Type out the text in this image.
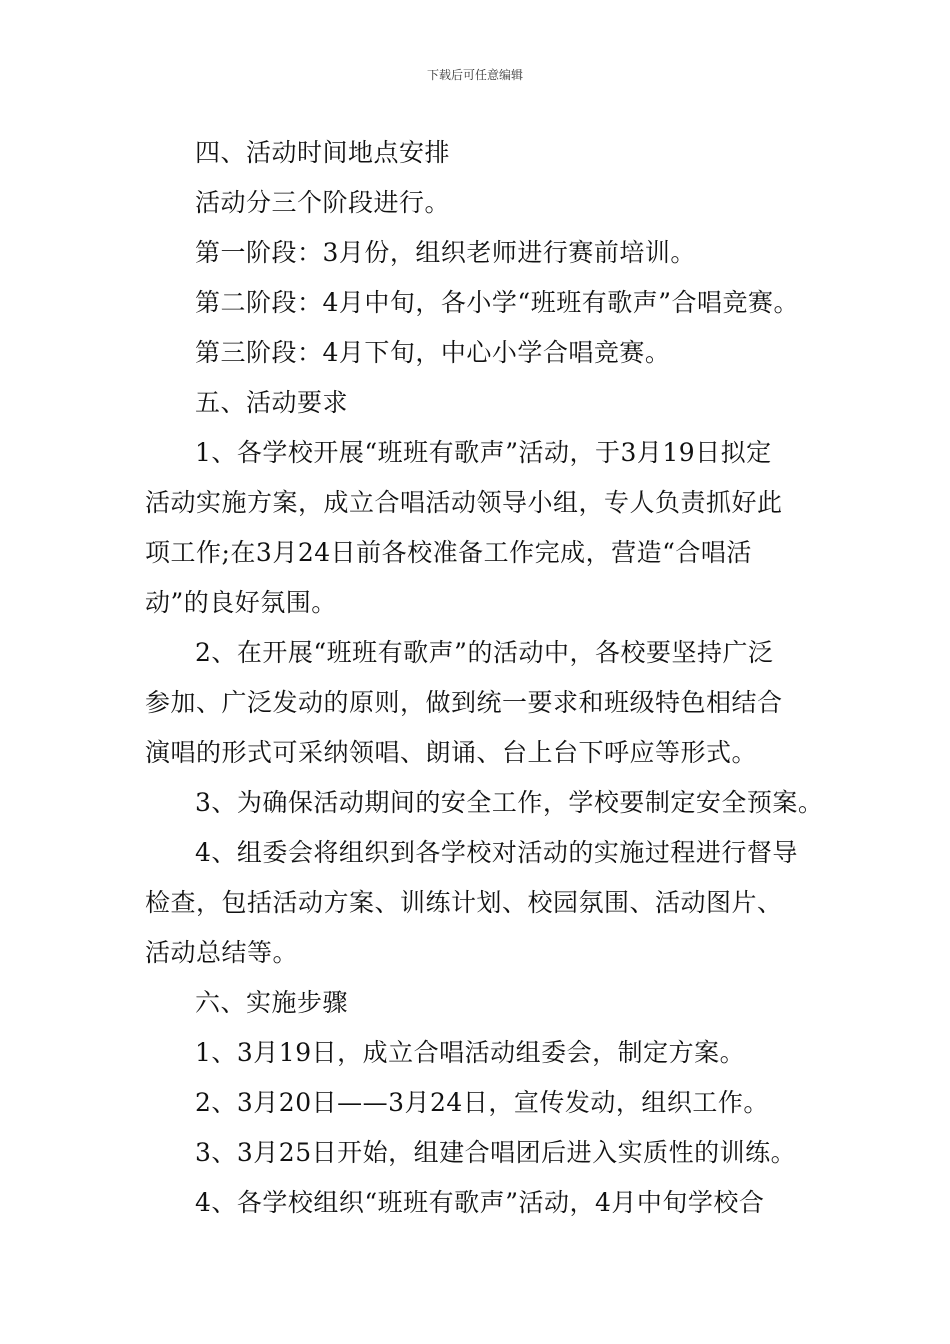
下载后可任意编辑
四、活动时间地点安排
活动分三个阶段进行。
第一阶段：3月份，组织老师进行赛前培训。
第二阶段：4月中旬，各小学“班班有歌声”合唱竞赛。
第三阶段：4月下旬，中心小学合唱竞赛。
五、活动要求
1、各学校开展“班班有歌声”活动，于3月19日拟定
活动实施方案，成立合唱活动领导小组，专人负责抓好此
项工作;在3月24日前各校准备工作完成，营造“合唱活
动”的良好氛围。
2、在开展“班班有歌声”的活动中，各校要坚持广泛
参加、广泛发动的原则，做到统一要求和班级特色相结合
演唱的形式可采纳领唱、朗诵、台上台下呼应等形式。
3、为确保活动期间的安全工作，学校要制定安全预案。
4、组委会将组织到各学校对活动的实施过程进行督导
检查，包括活动方案、训练计划、校园氛围、活动图片、
活动总结等。
六、实施步骤
1、3月19日，成立合唱活动组委会，制定方案。
2、3月20日——3月24日，宣传发动，组织工作。
3、3月25日开始，组建合唱团后进入实质性的训练。
4、各学校组织“班班有歌声”活动，4月中旬学校合
